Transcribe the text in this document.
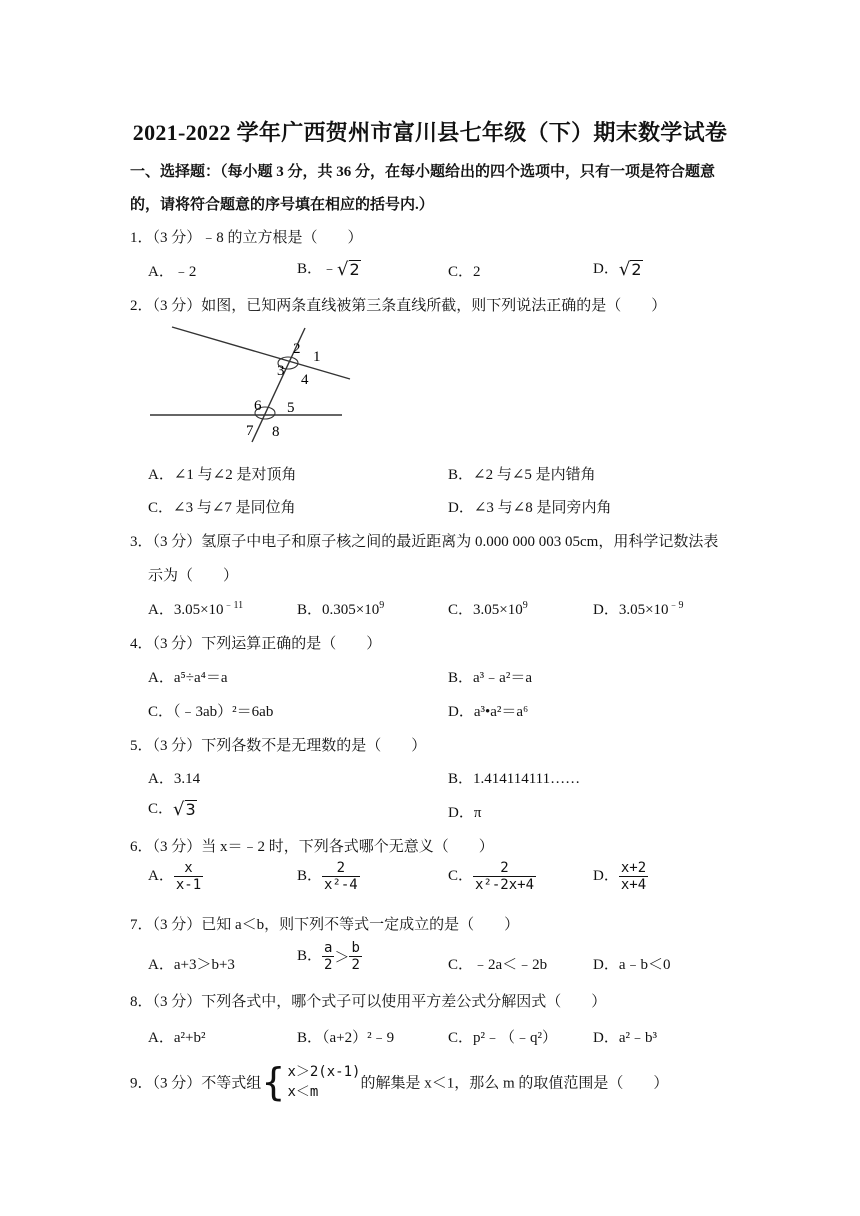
2021-2022 学年广西贺州市富川县七年级（下）期末数学试卷
一、选择题：（每小题 3 分，共 36 分，在每小题给出的四个选项中，只有一项是符合题意
的，请将符合题意的序号填在相应的括号内.）
1．（3 分）﹣8 的立方根是（　　）
A．﹣2	B．﹣ √ 2	C．2	D． √ 2
2．（3 分）如图，已知两条直线被第三条直线所截，则下列说法正确的是（　　）
2 1
3
4
6 5
7 8
A．∠1 与∠2 是对顶角	B．∠2 与∠5 是内错角
C．∠3 与∠7 是同位角	D．∠3 与∠8 是同旁内角
3．（3 分）氢原子中电子和原子核之间的最近距离为 0.000 000 003 05cm，用科学记数法表
示为（　　）
A．$3.05\times 10^{﹣11}$	B．$0.305\times 10^9$	C．$3.05\times 10^9$	D．$3.05\times 10^{﹣9}$
4．（3 分）下列运算正确的是（　　）
A．a⁵÷a⁴＝a	B．a³﹣a²＝a
C．（﹣3ab）²＝6ab	D．a³•a²＝a⁶
5．（3 分）下列各数不是无理数的是（　　）
A．3.14	B．1.414114111……
C． √ 3	D．π
6．（3 分）当 x＝﹣2 时，下列各式哪个无意义（　　）
A． $\frac{x}{x-1}$	B． $\frac{2}{\text{x²-4}}$	C． $\frac{2}{\text{x²-2x+4}}$	D． $\frac{x+2}{x+4}$
7．（3 分）已知 a＜b，则下列不等式一定成立的是（　　）
A．a+3＞b+3
B． $\frac{a}{2} > \frac{b}{2}$	C．﹣2a＜﹣2b	D．a﹣b＜0
8．（3 分）下列各式中，哪个式子可以使用平方差公式分解因式（　　）
A．a²+b²	B．（a+2）²﹣9	C．p²﹣（﹣q²） D．a²﹣b³
9．（3 分）不等式组 { x＞2(x-1)
x＜m
的解集是 x＜1，那么 m 的取值范围是（　　）
